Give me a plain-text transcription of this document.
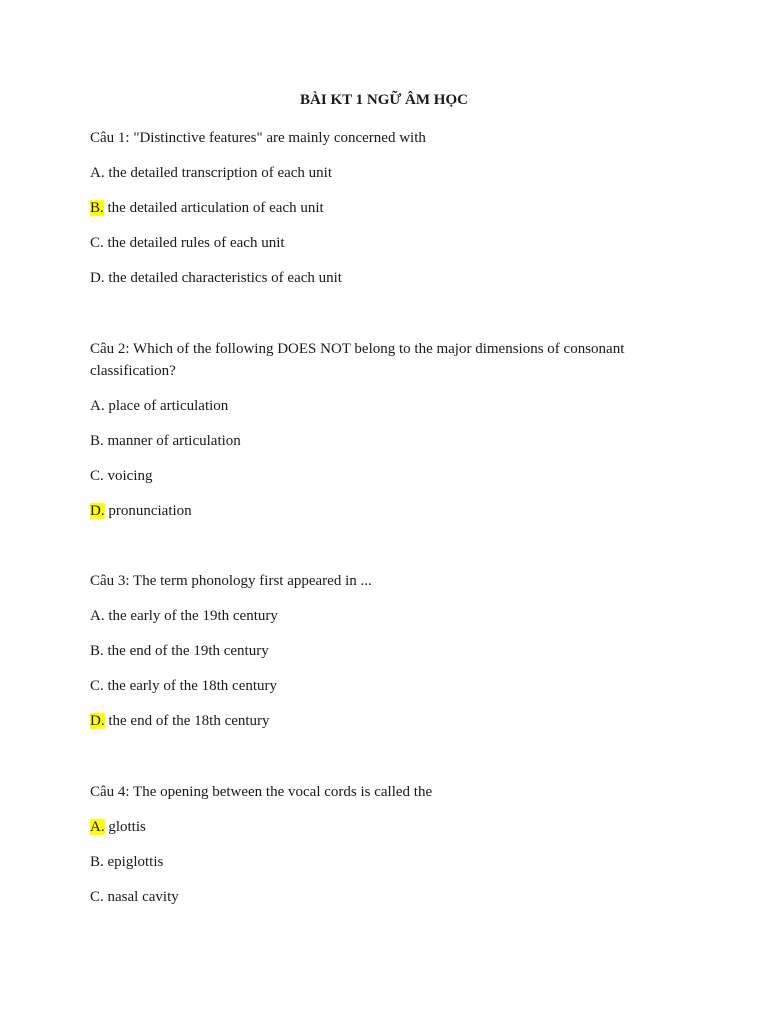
BÀI KT 1 NGỮ ÂM HỌC
Câu 1: "Distinctive features" are mainly concerned with
A. the detailed transcription of each unit
B. the detailed articulation of each unit
C. the detailed rules of each unit
D. the detailed characteristics of each unit
Câu 2: Which of the following DOES NOT belong to the major dimensions of consonant
classification?
A. place of articulation
B. manner of articulation
C. voicing
D. pronunciation
Câu 3: The term phonology first appeared in ...
A. the early of the 19th century
B. the end of the 19th century
C. the early of the 18th century
D. the end of the 18th century
Câu 4: The opening between the vocal cords is called the
A. glottis
B. epiglottis
C. nasal cavity
